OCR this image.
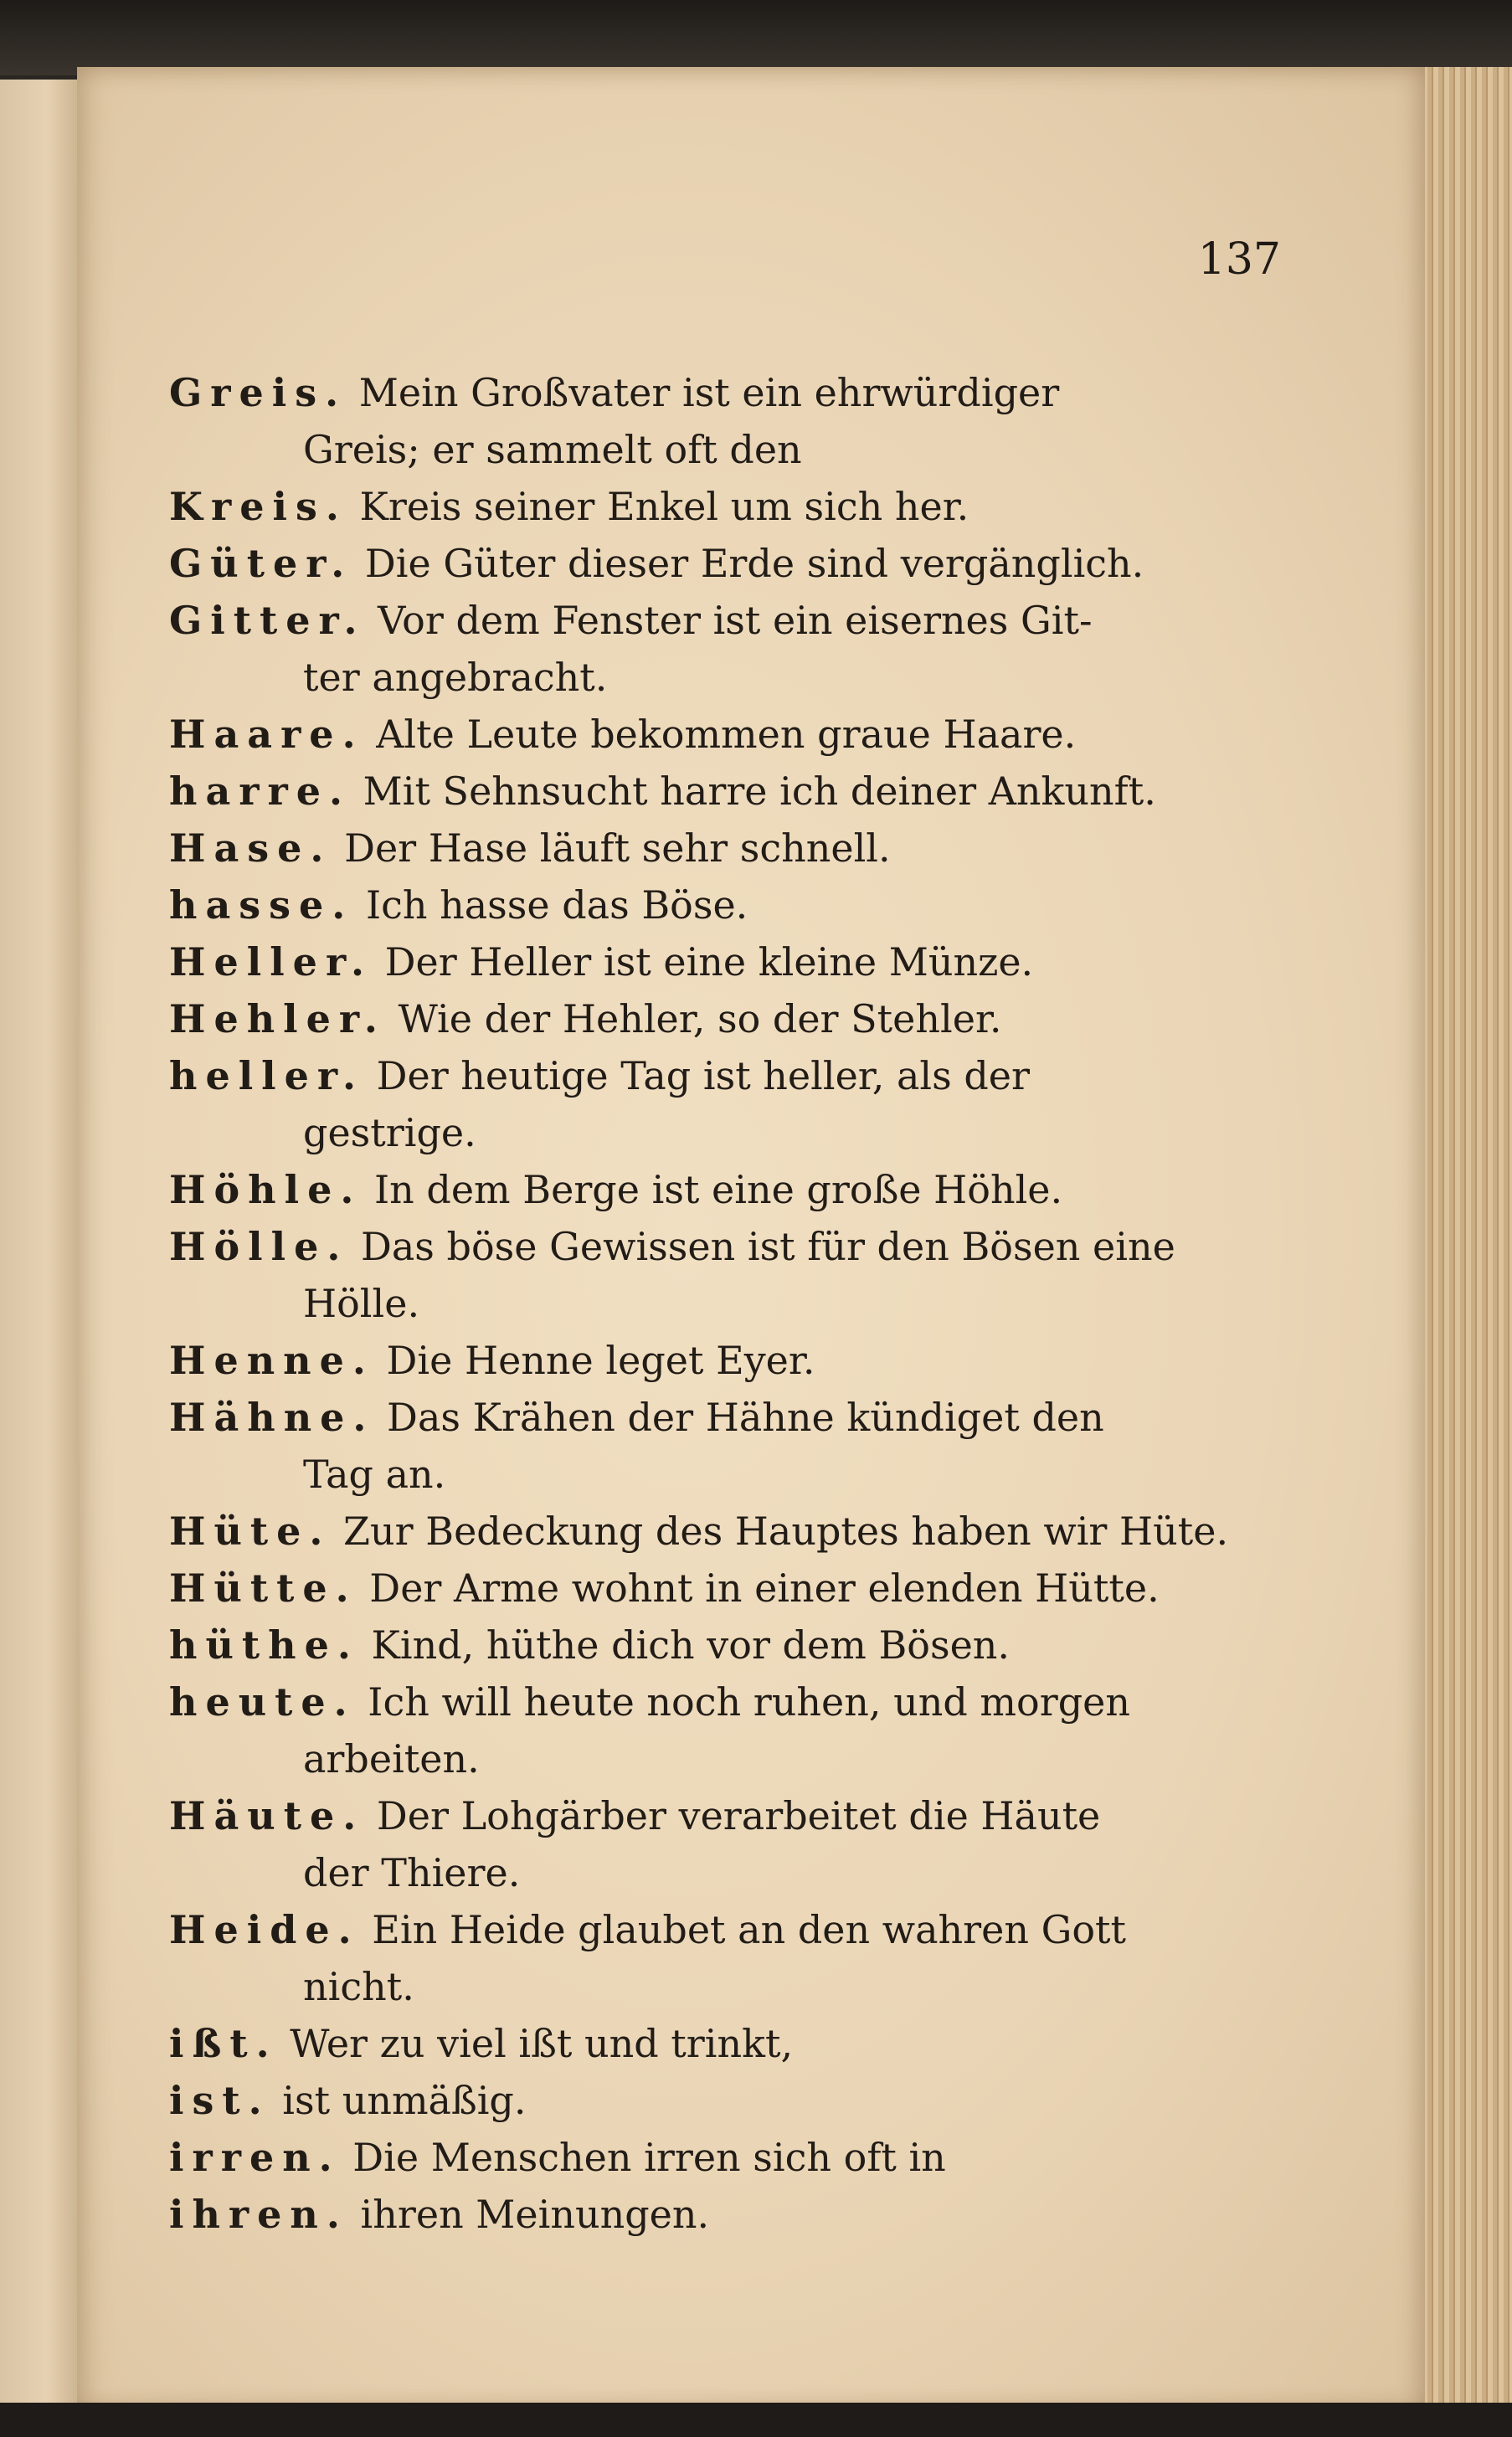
137
Greis. Mein Großvater ist ein ehrwürdiger
Greis; er sammelt oft den
Kreis. Kreis seiner Enkel um sich her.
Güter. Die Güter dieser Erde sind vergänglich.
Gitter. Vor dem Fenster ist ein eisernes Git-
ter angebracht.
Haare. Alte Leute bekommen graue Haare.
harre. Mit Sehnsucht harre ich deiner Ankunft.
Hase. Der Hase läuft sehr schnell.
hasse. Ich hasse das Böse.
Heller. Der Heller ist eine kleine Münze.
Hehler. Wie der Hehler, so der Stehler.
heller. Der heutige Tag ist heller, als der
gestrige.
Höhle. In dem Berge ist eine große Höhle.
Hölle. Das böse Gewissen ist für den Bösen eine
Hölle.
Henne. Die Henne leget Eyer.
Hähne. Das Krähen der Hähne kündiget den
Tag an.
Hüte. Zur Bedeckung des Hauptes haben wir Hüte.
Hütte. Der Arme wohnt in einer elenden Hütte.
hüthe. Kind, hüthe dich vor dem Bösen.
heute. Ich will heute noch ruhen, und morgen
arbeiten.
Häute. Der Lohgärber verarbeitet die Häute
der Thiere.
Heide. Ein Heide glaubet an den wahren Gott
nicht.
ißt. Wer zu viel ißt und trinkt,
ist. ist unmäßig.
irren. Die Menschen irren sich oft in
ihren. ihren Meinungen.
